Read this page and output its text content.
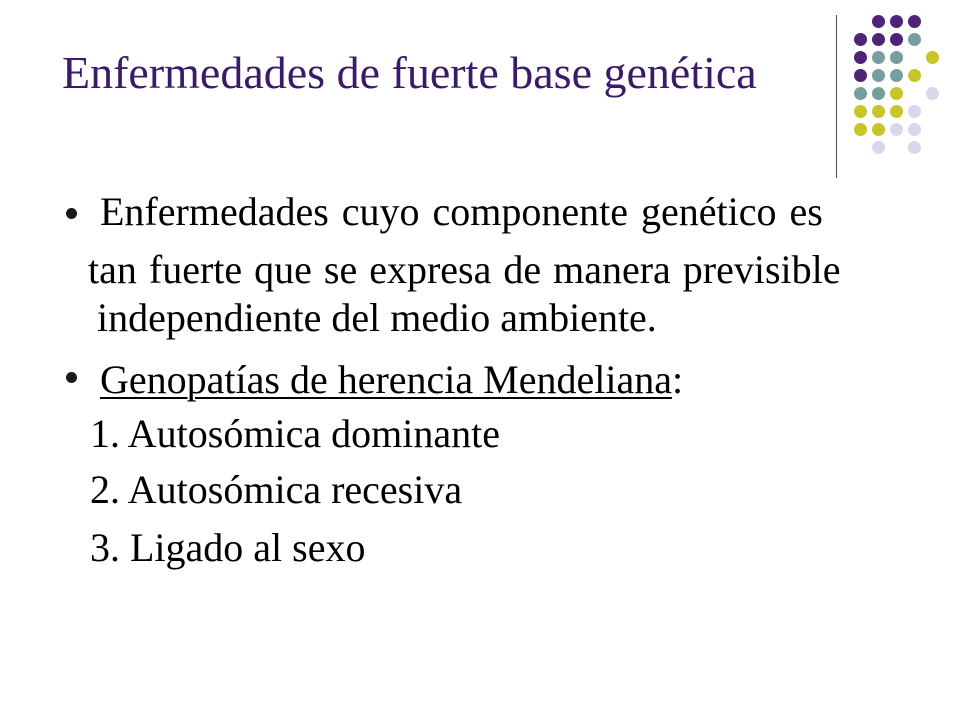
Enfermedades de fuerte base genética
Enfermedades cuyo componente genético es
tan fuerte que se expresa de manera previsible
independiente del medio ambiente.
Genopatías de herencia Mendeliana:
1. Autosómica dominante
2. Autosómica recesiva
3. Ligado al sexo
